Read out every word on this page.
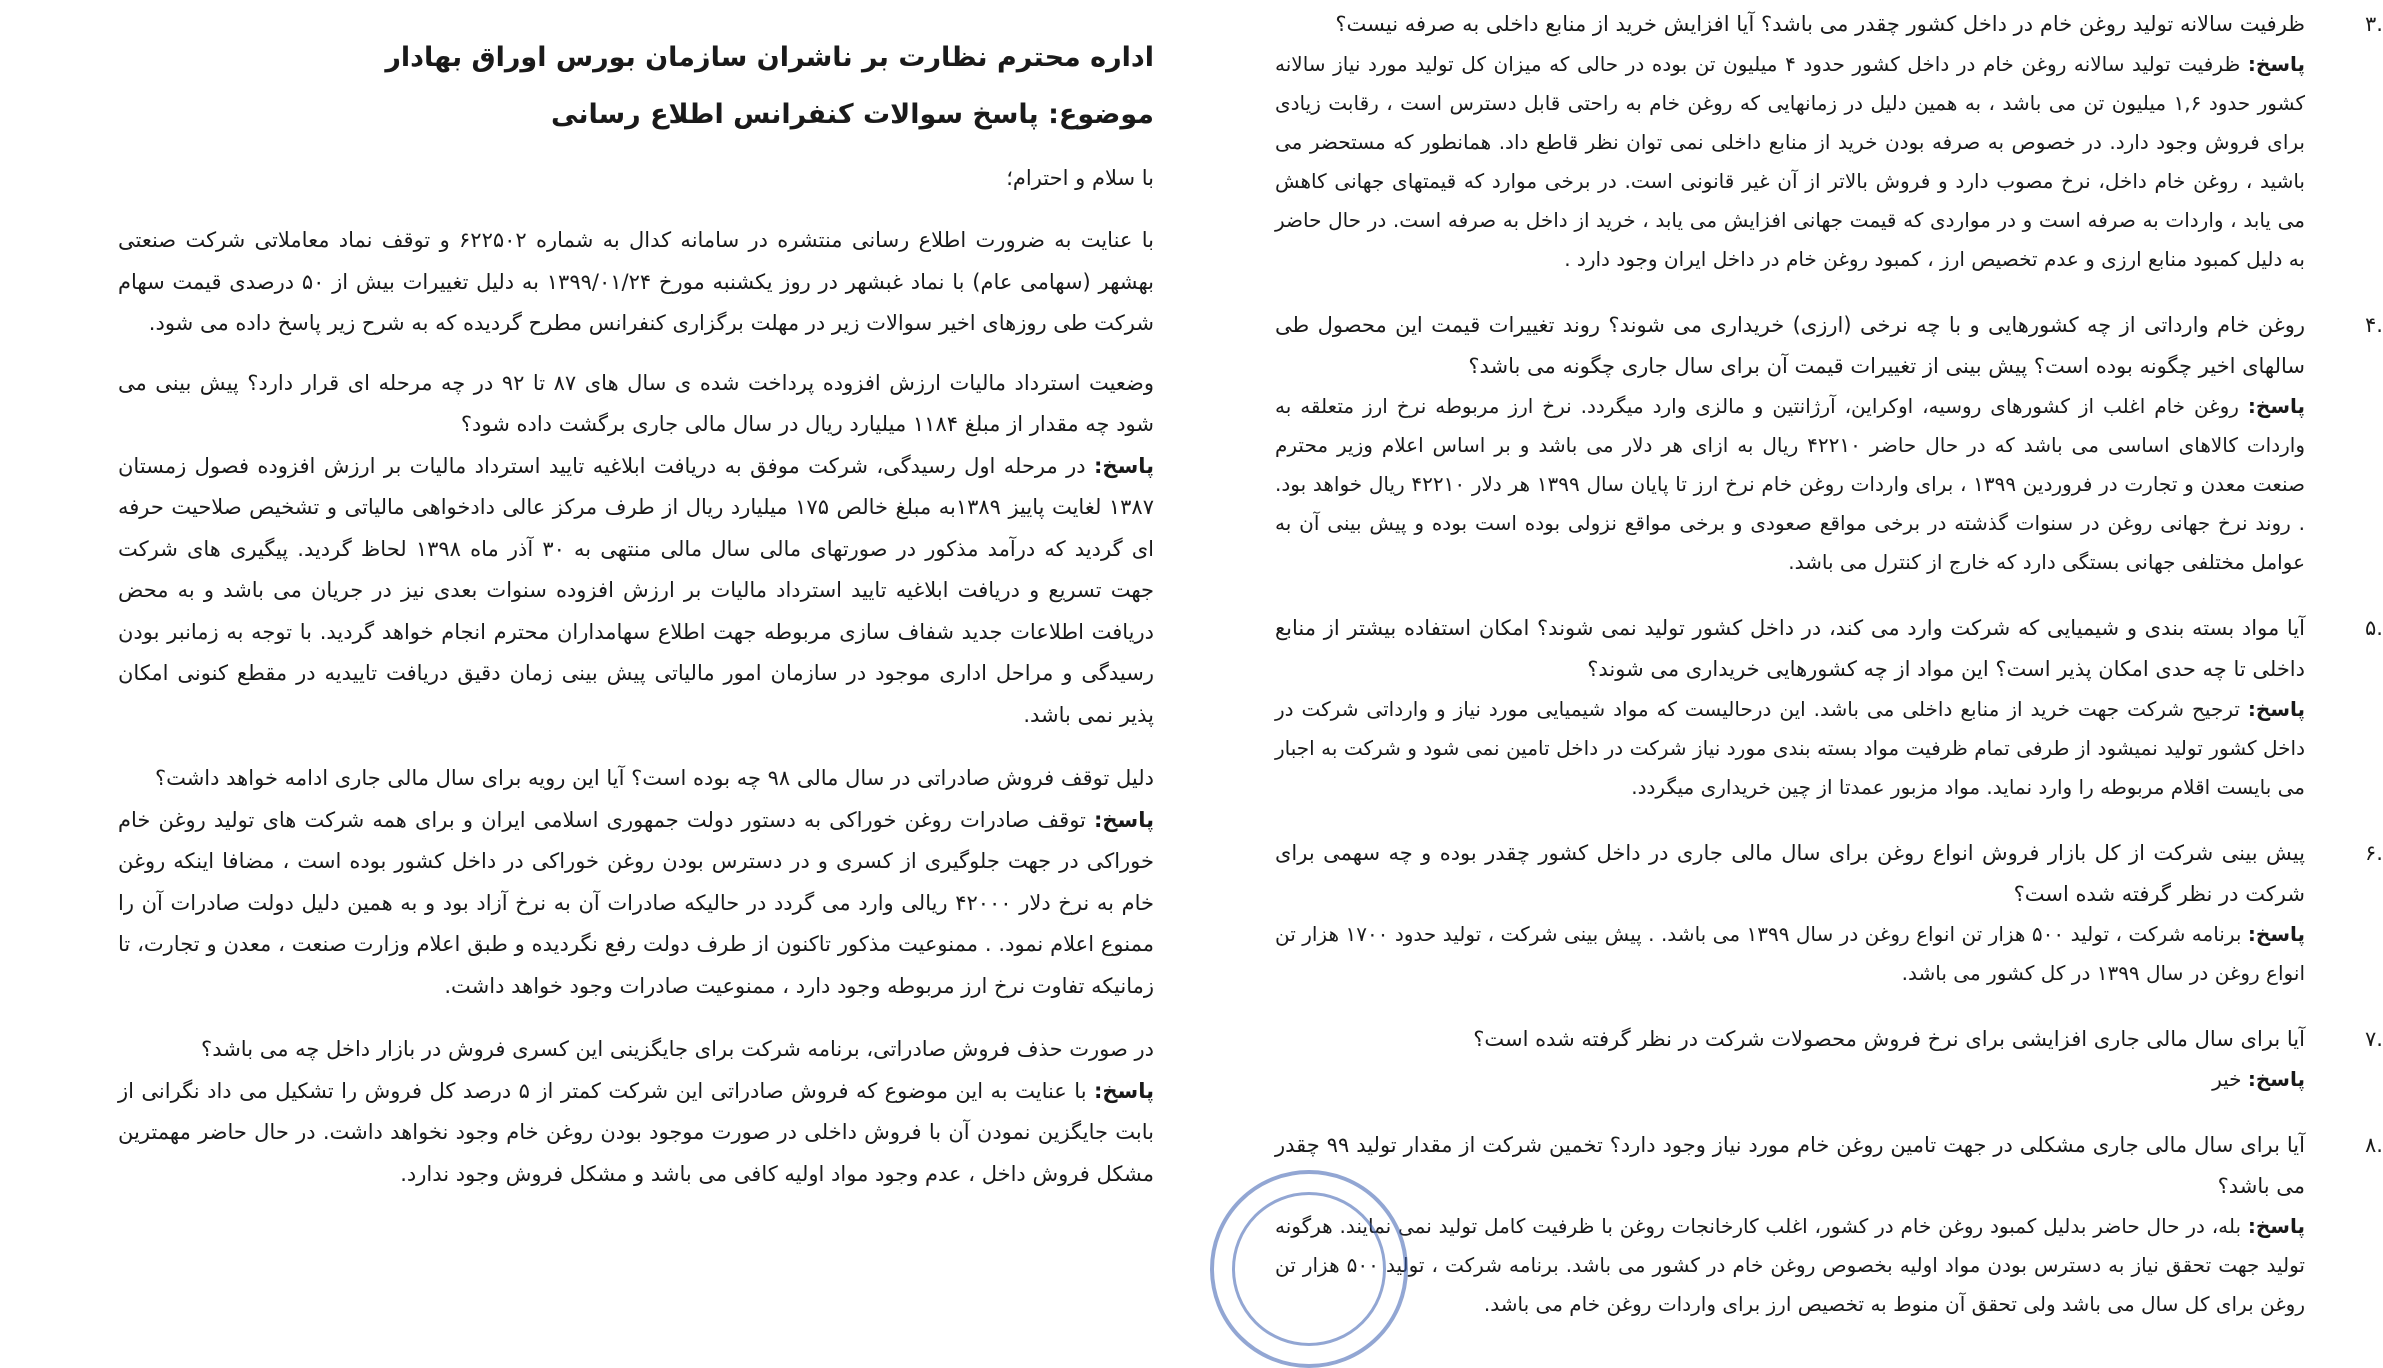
۳.
ظرفیت سالانه تولید روغن خام در داخل کشور چقدر می باشد؟ آیا افزایش خرید از منابع داخلی به صرفه نیست؟

پاسخ: ظرفیت تولید سالانه روغن خام در داخل کشور حدود ۴ میلیون تن بوده در حالی که میزان کل تولید مورد نیاز سالانه کشور حدود ۱,۶ میلیون تن می باشد ، به همین دلیل در زمانهایی که روغن خام به راحتی قابل دسترس است ، رقابت زیادی برای فروش وجود دارد. در خصوص به صرفه بودن خرید از منابع داخلی نمی توان نظر قاطع داد. همانطور که مستحضر می باشید ، روغن خام داخل، نرخ مصوب دارد و فروش بالاتر از آن غیر قانونی است. در برخی موارد که قیمتهای جهانی کاهش می یابد ، واردات به صرفه است و در مواردی که قیمت جهانی افزایش می یابد ، خرید از داخل به صرفه است. در حال حاضر به دلیل کمبود منابع ارزی و عدم تخصیص ارز ، کمبود روغن خام در داخل ایران وجود دارد .

۴.
روغن خام وارداتی از چه کشورهایی و با چه نرخی (ارزی) خریداری می شوند؟ روند تغییرات قیمت این محصول طی سالهای اخیر چگونه بوده است؟ پیش بینی از تغییرات قیمت آن برای سال جاری چگونه می باشد؟

پاسخ: روغن خام اغلب از کشورهای روسیه، اوکراین، آرژانتین و مالزی وارد میگردد. نرخ ارز مربوطه نرخ ارز متعلقه به واردات کالاهای اساسی می باشد که در حال حاضر ۴۲۲۱۰ ریال به ازای هر دلار می باشد و بر اساس اعلام وزیر محترم صنعت معدن و تجارت در فروردین ۱۳۹۹ ، برای واردات روغن خام نرخ ارز تا پایان سال ۱۳۹۹ هر دلار ۴۲۲۱۰ ریال خواهد بود. . روند نرخ جهانی روغن در سنوات گذشته در برخی مواقع صعودی و برخی مواقع نزولی بوده است بوده و پیش بینی آن به عوامل مختلفی جهانی بستگی دارد که خارج از کنترل می باشد.

۵.
آیا مواد بسته بندی و شیمیایی که شرکت وارد می کند، در داخل کشور تولید نمی شوند؟ امکان استفاده بیشتر از منابع داخلی تا چه حدی امکان پذیر است؟ این مواد از چه کشورهایی خریداری می شوند؟

پاسخ: ترجیح شرکت جهت خرید از منابع داخلی می باشد. این درحالیست که مواد شیمیایی مورد نیاز و وارداتی شرکت در داخل کشور تولید نمیشود از طرفی تمام ظرفیت مواد بسته بندی مورد نیاز شرکت در داخل تامین نمی شود و شرکت به اجبار می بایست اقلام مربوطه را وارد نماید. مواد مزبور عمدتا از چین خریداری میگردد.

۶.
پیش بینی شرکت از کل بازار فروش انواع روغن برای سال مالی جاری در داخل کشور چقدر بوده و چه سهمی برای شرکت در نظر گرفته شده است؟

پاسخ: برنامه شرکت ، تولید ۵۰۰ هزار تن انواع روغن در سال ۱۳۹۹ می باشد. . پیش بینی شرکت ، تولید حدود ۱۷۰۰ هزار تن انواع روغن در سال ۱۳۹۹ در کل کشور می باشد.

۷.
آیا برای سال مالی جاری افزایشی برای نرخ فروش محصولات شرکت در نظر گرفته شده است؟

پاسخ: خیر

۸.
آیا برای سال مالی جاری مشکلی در جهت تامین روغن خام مورد نیاز وجود دارد؟ تخمین شرکت از مقدار تولید ۹۹ چقدر می باشد؟

پاسخ: بله، در حال حاضر بدلیل کمبود روغن خام در کشور، اغلب کارخانجات روغن با ظرفیت کامل تولید نمی نمایند. هرگونه تولید جهت تحقق نیاز به دسترس بودن مواد اولیه بخصوص روغن خام در کشور می باشد. برنامه شرکت ، تولید ۵۰۰ هزار تن روغن برای کل سال می باشد ولی تحقق آن منوط به تخصیص ارز برای واردات روغن خام می باشد.

اداره محترم نظارت بر ناشران سازمان بورس اوراق بهادار
موضوع: پاسخ سوالات کنفرانس اطلاع رسانی
با سلام و احترام؛

با عنایت به ضرورت اطلاع رسانی منتشره در سامانه کدال به شماره ۶۲۲۵۰۲ و توقف نماد معاملاتی شرکت صنعتی بهشهر (سهامی عام) با نماد غبشهر در روز یکشنبه مورخ ۱۳۹۹/۰۱/۲۴ به دلیل تغییرات بیش از ۵۰ درصدی قیمت سهام شرکت طی روزهای اخیر سوالات زیر در مهلت برگزاری کنفرانس مطرح گردیده که به شرح زیر پاسخ داده می شود.

وضعیت استرداد مالیات ارزش افزوده پرداخت شده ی سال های ۸۷ تا ۹۲ در چه مرحله ای قرار دارد؟ پیش بینی می شود چه مقدار از مبلغ ۱۱۸۴ میلیارد ریال در سال مالی جاری برگشت داده شود؟

پاسخ: در مرحله اول رسیدگی، شرکت موفق به دریافت ابلاغیه تایید استرداد مالیات بر ارزش افزوده فصول زمستان ۱۳۸۷ لغایت پاییز ۱۳۸۹به مبلغ خالص ۱۷۵ میلیارد ریال از طرف مرکز عالی دادخواهی مالیاتی و تشخیص صلاحیت حرفه ای گردید که درآمد مذکور در صورتهای مالی سال مالی منتهی به ۳۰ آذر ماه ۱۳۹۸ لحاظ گردید. پیگیری های شرکت جهت تسریع و دریافت ابلاغیه تایید استرداد مالیات بر ارزش افزوده سنوات بعدی نیز در جریان می باشد و به محض دریافت اطلاعات جدید شفاف سازی مربوطه جهت اطلاع سهامداران محترم انجام خواهد گردید. با توجه به زمانبر بودن رسیدگی و مراحل اداری موجود در سازمان امور مالیاتی پیش بینی زمان دقیق دریافت تاییدیه در مقطع کنونی امکان پذیر نمی باشد.

دلیل توقف فروش صادراتی در سال مالی ۹۸ چه بوده است؟ آیا این رویه برای سال مالی جاری ادامه خواهد داشت؟

پاسخ: توقف صادرات روغن خوراکی به دستور دولت جمهوری اسلامی ایران و برای همه شرکت های تولید روغن خام خوراکی در جهت جلوگیری از کسری و در دسترس بودن روغن خوراکی در داخل کشور بوده است ، مضافا اینکه روغن خام به نرخ دلار ۴۲۰۰۰ ریالی وارد می گردد در حالیکه صادرات آن به نرخ آزاد بود و به همین دلیل دولت صادرات آن را ممنوع اعلام نمود. . ممنوعیت مذکور تاکنون از طرف دولت رفع نگردیده و طبق اعلام وزارت صنعت ، معدن و تجارت، تا زمانیکه تفاوت نرخ ارز مربوطه وجود دارد ، ممنوعیت صادرات وجود خواهد داشت.

در صورت حذف فروش صادراتی، برنامه شرکت برای جایگزینی این کسری فروش در بازار داخل چه می باشد؟

پاسخ: با عنایت به این موضوع که فروش صادراتی این شرکت کمتر از ۵ درصد کل فروش را تشکیل می داد نگرانی از بابت جایگزین نمودن آن با فروش داخلی در صورت موجود بودن روغن خام وجود نخواهد داشت. در حال حاضر مهمترین مشکل فروش داخل ، عدم وجود مواد اولیه کافی می باشد و مشکل فروش وجود ندارد.
